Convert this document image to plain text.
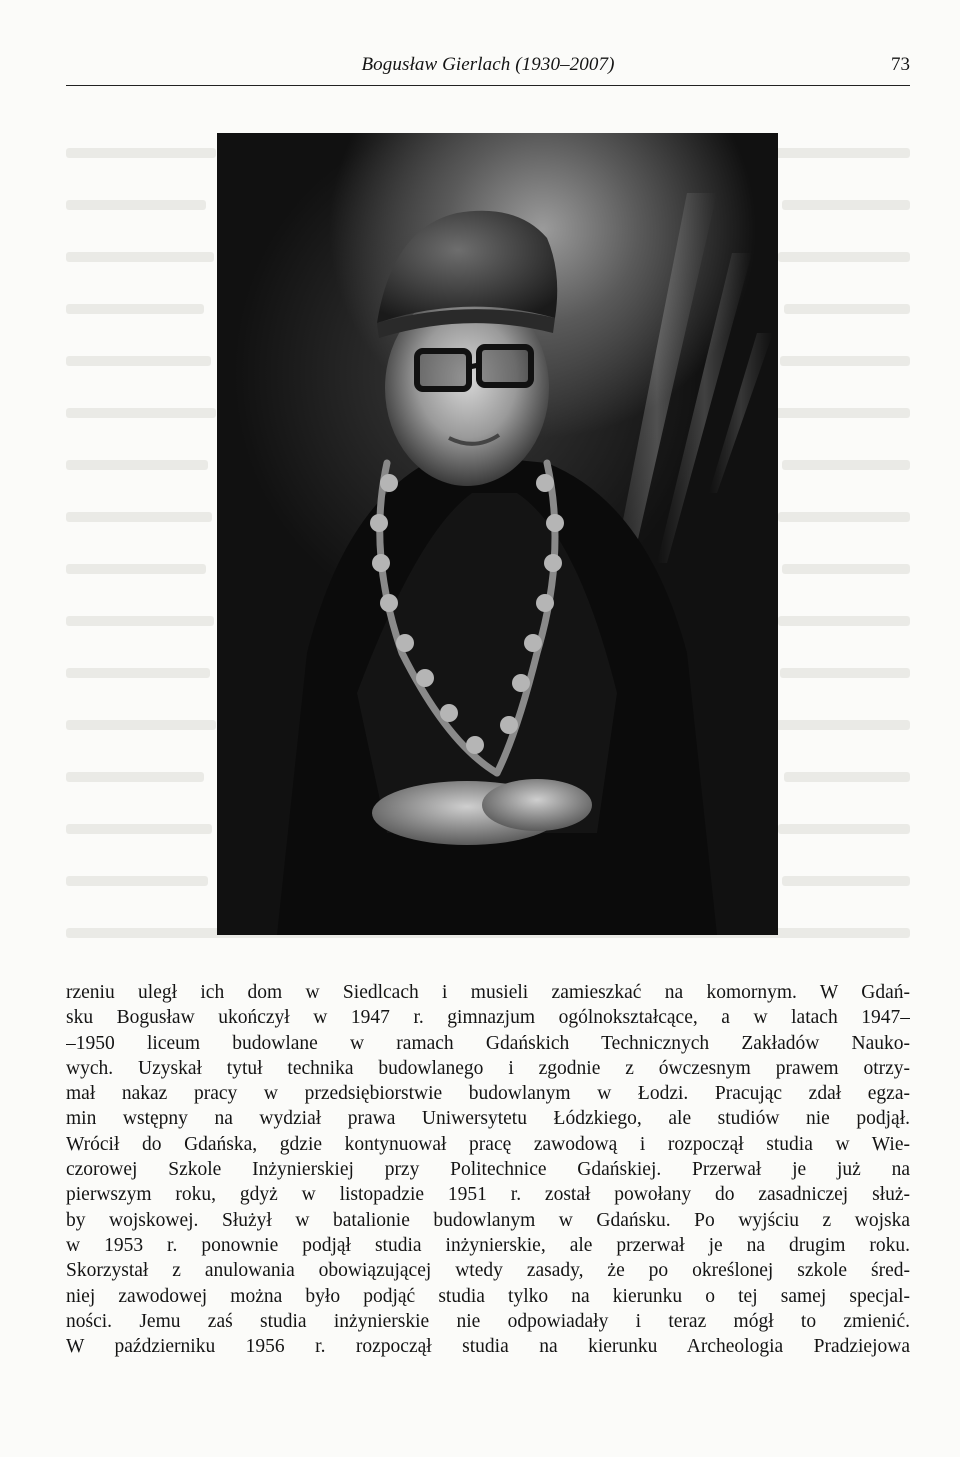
Bogusław Gierlach (1930–2007)	73
rzeniu uległ ich dom w Siedlcach i musieli zamieszkać na komornym. W Gdań-
sku Bogusław ukończył w 1947 r. gimnazjum ogólnokształcące, a w latach 1947–
–1950 liceum budowlane w ramach Gdańskich Technicznych Zakładów Nauko-
wych. Uzyskał tytuł technika budowlanego i zgodnie z ówczesnym prawem otrzy-
mał nakaz pracy w przedsiębiorstwie budowlanym w Łodzi. Pracując zdał egza-
min wstępny na wydział prawa Uniwersytetu Łódzkiego, ale studiów nie podjął.
Wrócił do Gdańska, gdzie kontynuował pracę zawodową i rozpoczął studia w Wie-
czorowej Szkole Inżynierskiej przy Politechnice Gdańskiej. Przerwał je już na
pierwszym roku, gdyż w listopadzie 1951 r. został powołany do zasadniczej służ-
by wojskowej. Służył w batalionie budowlanym w Gdańsku. Po wyjściu z wojska
w 1953 r. ponownie podjął studia inżynierskie, ale przerwał je na drugim roku.
Skorzystał z anulowania obowiązującej wtedy zasady, że po określonej szkole śred-
niej zawodowej można było podjąć studia tylko na kierunku o tej samej specjal-
ności. Jemu zaś studia inżynierskie nie odpowiadały i teraz mógł to zmienić.
W październiku 1956 r. rozpoczął studia na kierunku Archeologia Pradziejowa
